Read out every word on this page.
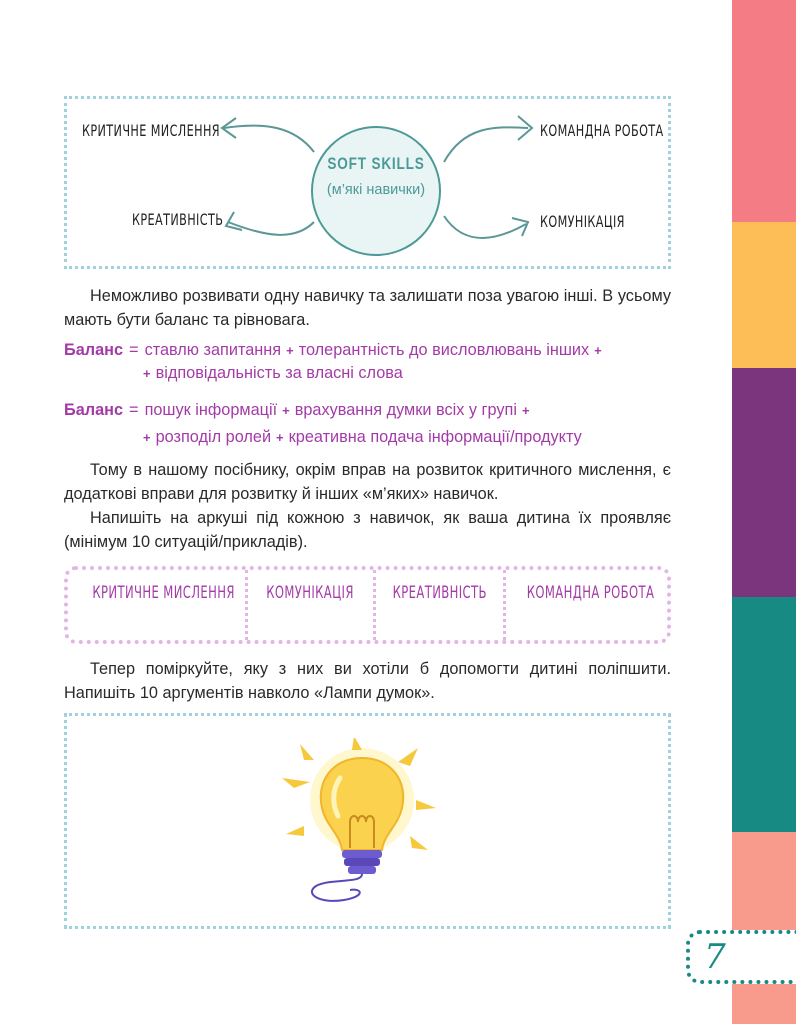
7
SOFT SKILLS
(м’які навички)
КРИТИЧНЕ МИСЛЕННЯ
КРЕАТИВНІСТЬ
КОМАНДНА РОБОТА
КОМУНІКАЦІЯ

Неможливо розвивати одну навичку та залишати поза увагою інші. В усьому мають бути баланс та рівновага.

Баланс = ставлю запитання + толерантність до висловлювань інших +
+ відповідальність за власні слова
Баланс = пошук інформації + врахування думки всіх у групі +
+ розподіл ролей + креативна подача інформації/продукту

Тому в нашому посібнику, окрім вправ на розвиток критичного мислення, є додаткові вправи для розвитку й інших «м’яких» навичок.

Напишіть на аркуші під кожною з навичок, як ваша дитина їх проявляє (мінімум 10 ситуацій/прикладів).

КРИТИЧНЕ МИСЛЕННЯ КОМУНІКАЦІЯ КРЕАТИВНІСТЬ КОМАНДНА РОБОТА

Тепер поміркуйте, яку з них ви хотіли б допомогти дитині поліпшити. Напишіть 10 аргументів навколо «Лампи думок».
